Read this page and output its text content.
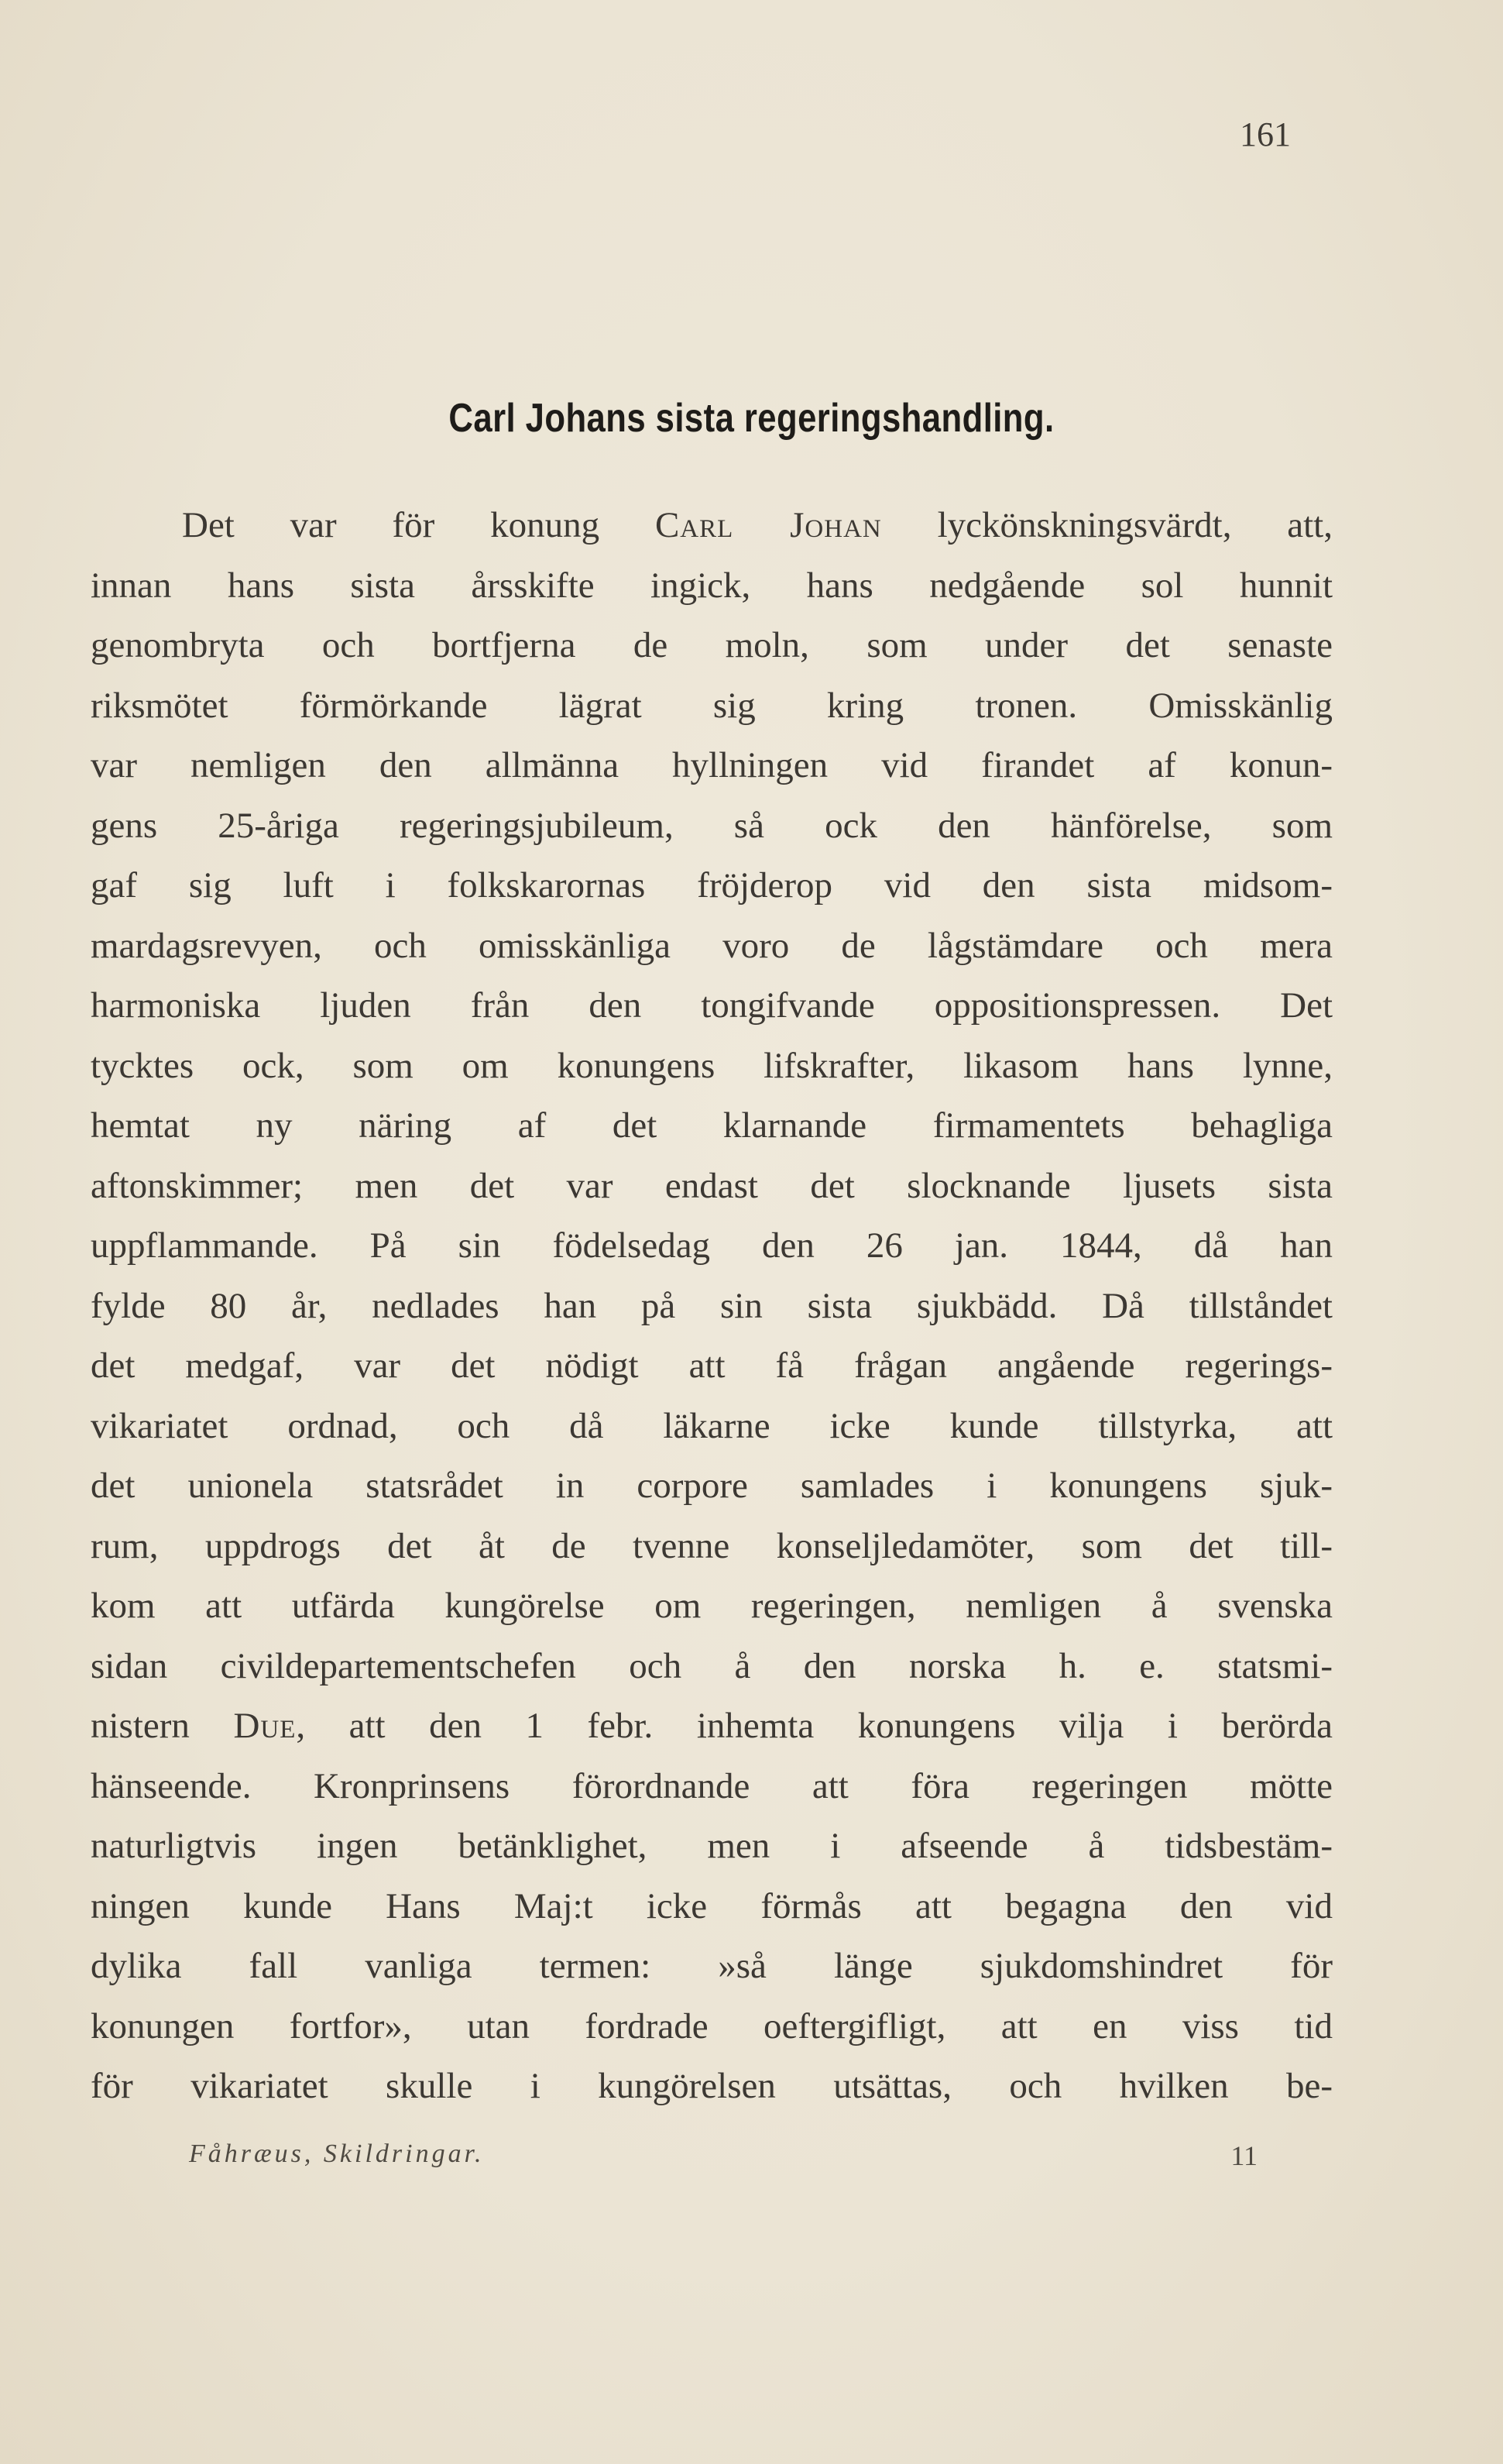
161
Carl Johans sista regeringshandling.
Det var för konung Carl Johan lyckönskningsvärdt, att,
innan hans sista årsskifte ingick, hans nedgående sol hunnit
genombryta och bortfjerna de moln, som under det senaste
riksmötet förmörkande lägrat sig kring tronen. Omisskänlig
var nemligen den allmänna hyllningen vid firandet af konun-
gens 25-åriga regeringsjubileum, så ock den hänförelse, som
gaf sig luft i folkskarornas fröjderop vid den sista midsom-
mardagsrevyen, och omisskänliga voro de lågstämdare och mera
harmoniska ljuden från den tongifvande oppositionspressen. Det
tycktes ock, som om konungens lifskrafter, likasom hans lynne,
hemtat ny näring af det klarnande firmamentets behagliga
aftonskimmer; men det var endast det slocknande ljusets sista
uppflammande. På sin födelsedag den 26 jan. 1844, då han
fylde 80 år, nedlades han på sin sista sjukbädd. Då tillståndet
det medgaf, var det nödigt att få frågan angående regerings-
vikariatet ordnad, och då läkarne icke kunde tillstyrka, att
det unionela statsrådet in corpore samlades i konungens sjuk-
rum, uppdrogs det åt de tvenne konseljledamöter, som det till-
kom att utfärda kungörelse om regeringen, nemligen å svenska
sidan civildepartementschefen och å den norska h. e. statsmi-
nistern Due, att den 1 febr. inhemta konungens vilja i berörda
hänseende. Kronprinsens förordnande att föra regeringen mötte
naturligtvis ingen betänklighet, men i afseende å tidsbestäm-
ningen kunde Hans Maj:t icke förmås att begagna den vid
dylika fall vanliga termen: »så länge sjukdomshindret för
konungen fortfor», utan fordrade oeftergifligt, att en viss tid
för vikariatet skulle i kungörelsen utsättas, och hvilken be-
Fåhræus, Skildringar.	11
